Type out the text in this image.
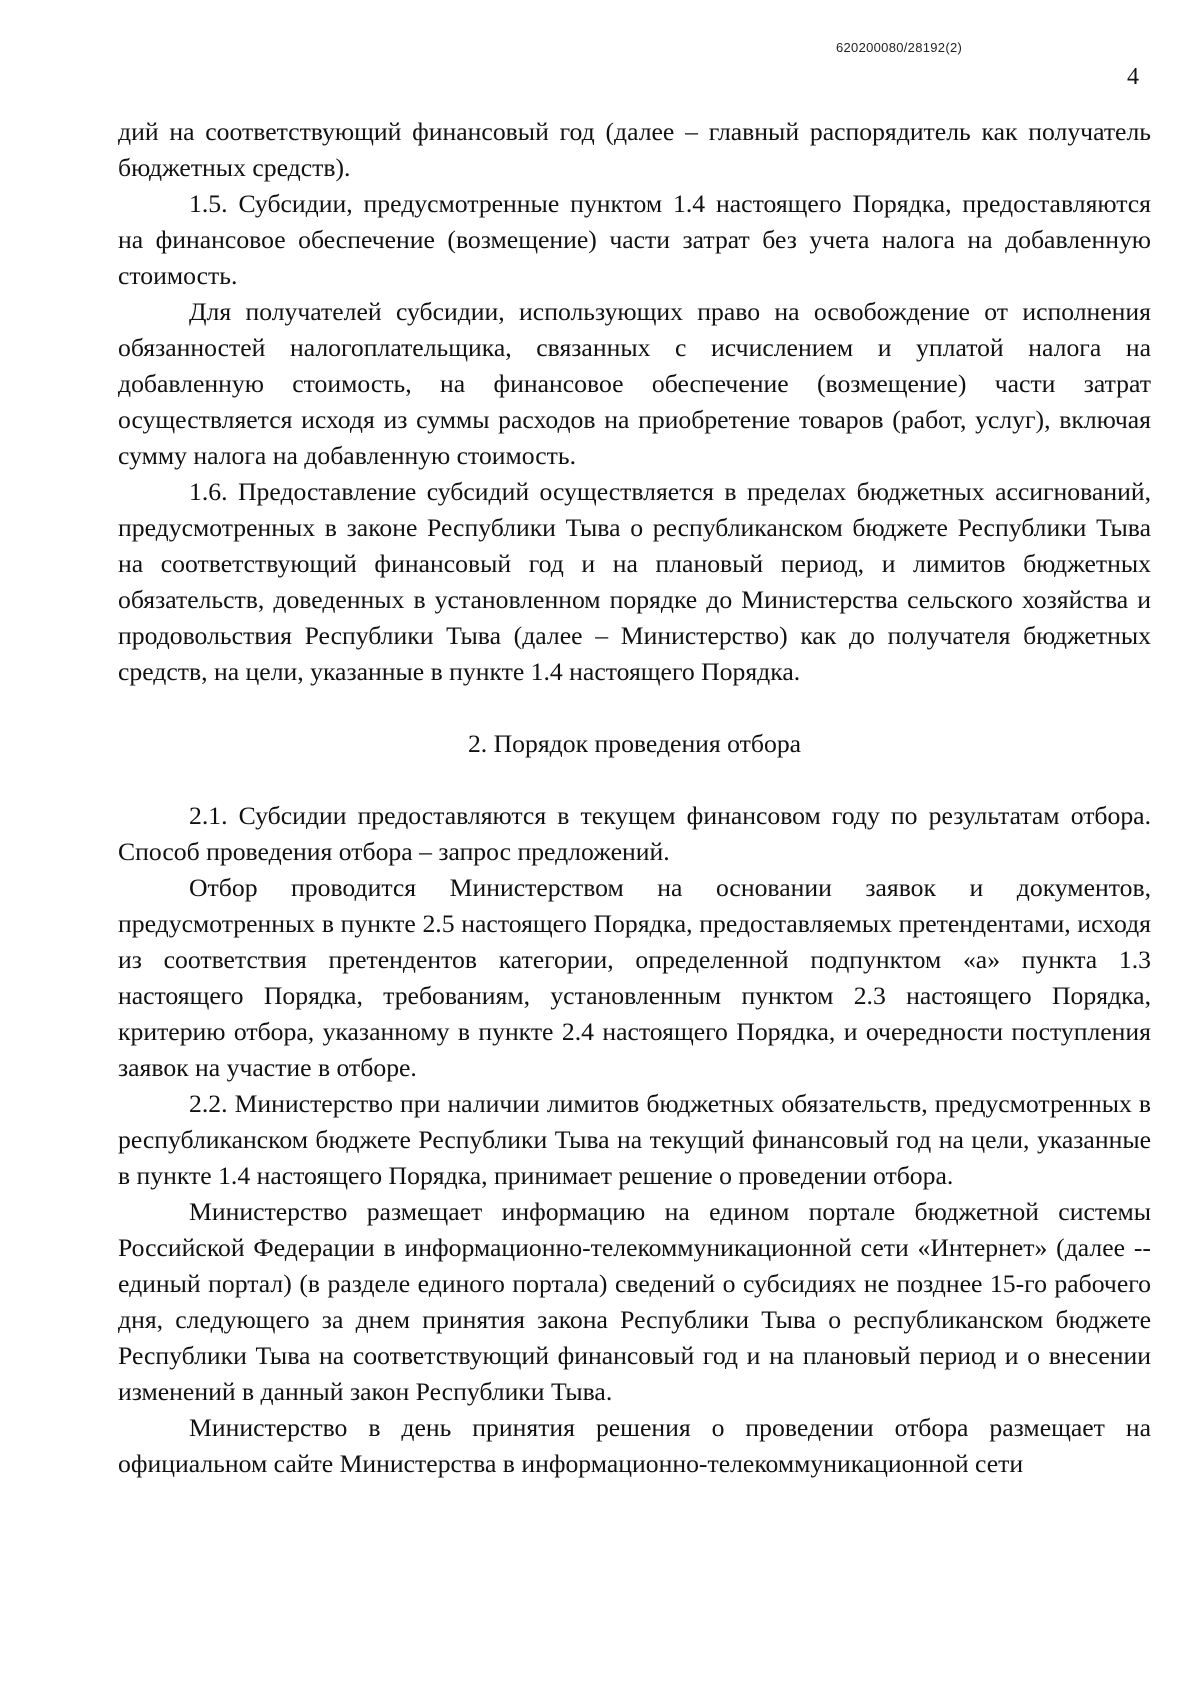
620200080/28192(2)
4

дий на соответствующий финансовый год (далее – главный распорядитель как получатель бюджетных средств).

1.5. Субсидии, предусмотренные пунктом 1.4 настоящего Порядка, предоставляются на финансовое обеспечение (возмещение) части затрат без учета налога на добавленную стоимость.

Для получателей субсидии, использующих право на освобождение от исполнения обязанностей налогоплательщика, связанных с исчислением и уплатой налога на добавленную стоимость, на финансовое обеспечение (возмещение) части затрат осуществляется исходя из суммы расходов на приобретение товаров (работ, услуг), включая сумму налога на добавленную стоимость.

1.6. Предоставление субсидий осуществляется в пределах бюджетных ассигнований, предусмотренных в законе Республики Тыва о республиканском бюджете Республики Тыва на соответствующий финансовый год и на плановый период, и лимитов бюджетных обязательств, доведенных в установленном порядке до Министерства сельского хозяйства и продовольствия Республики Тыва (далее – Министерство) как до получателя бюджетных средств, на цели, указанные в пункте 1.4 настоящего Порядка.

2. Порядок проведения отбора

2.1. Субсидии предоставляются в текущем финансовом году по результатам отбора. Способ проведения отбора – запрос предложений.

Отбор проводится Министерством на основании заявок и документов, предусмотренных в пункте 2.5 настоящего Порядка, предоставляемых претендентами, исходя из соответствия претендентов категории, определенной подпунктом «а» пункта 1.3 настоящего Порядка, требованиям, установленным пунктом 2.3 настоящего Порядка, критерию отбора, указанному в пункте 2.4 настоящего Порядка, и очередности поступления заявок на участие в отборе.

2.2. Министерство при наличии лимитов бюджетных обязательств, предусмотренных в республиканском бюджете Республики Тыва на текущий финансовый год на цели, указанные в пункте 1.4 настоящего Порядка, принимает решение о проведении отбора.

Министерство размещает информацию на едином портале бюджетной системы Российской Федерации в информационно-телекоммуникационной сети «Интернет» (далее -- единый портал) (в разделе единого портала) сведений о субсидиях не позднее 15-го рабочего дня, следующего за днем принятия закона Республики Тыва о республиканском бюджете Республики Тыва на соответствующий финансовый год и на плановый период и о внесении изменений в данный закон Республики Тыва.

Министерство в день принятия решения о проведении отбора размещает на официальном сайте Министерства в информационно-телекоммуникационной сети
